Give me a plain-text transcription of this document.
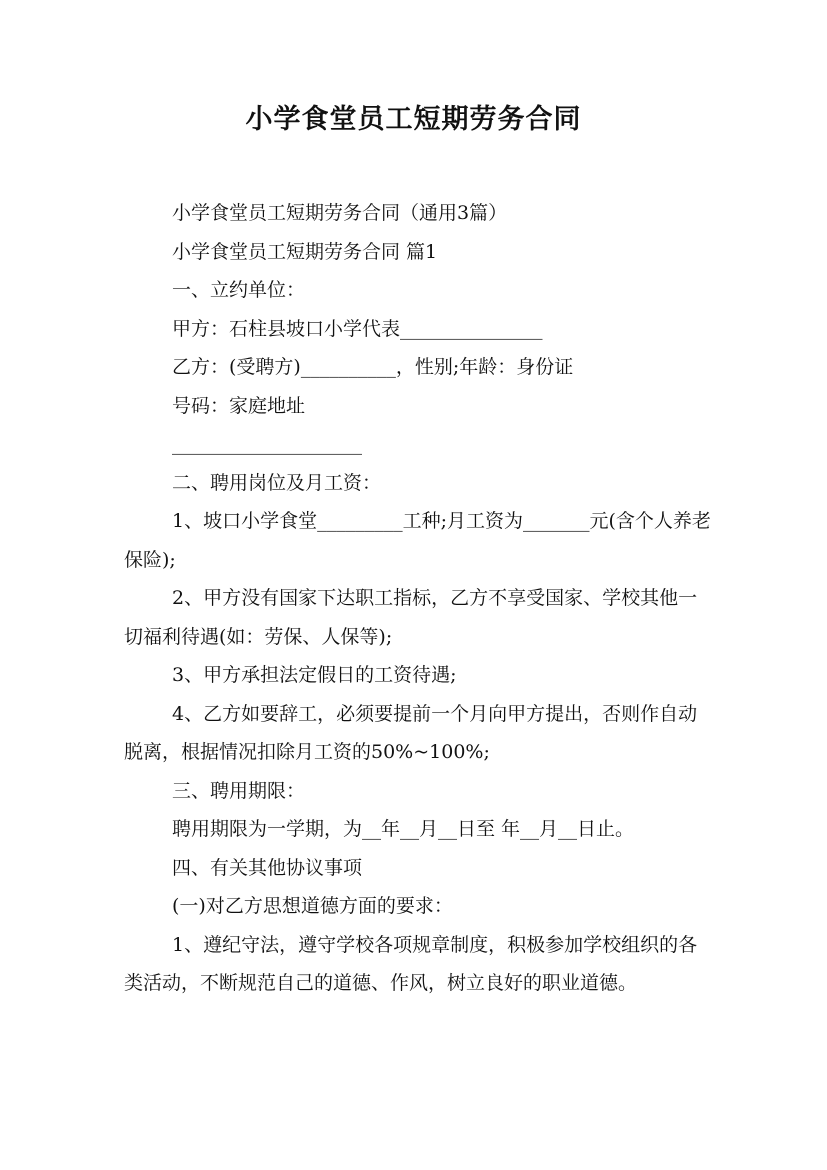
小学食堂员工短期劳务合同

小学食堂员工短期劳务合同（通用3篇）

小学食堂员工短期劳务合同 篇1

一、立约单位：

甲方：石柱县坡口小学代表_______________

乙方：(受聘方)__________，性别;年龄：身份证

号码：家庭地址

____________________

二、聘用岗位及月工资：

1、坡口小学食堂_________工种;月工资为_______元(含个人养老保险);

2、甲方没有国家下达职工指标，乙方不享受国家、学校其他一切福利待遇(如：劳保、人保等);

3、甲方承担法定假日的工资待遇;

4、乙方如要辞工，必须要提前一个月向甲方提出，否则作自动脱离，根据情况扣除月工资的50%~100%;

三、聘用期限：

聘用期限为一学期，为__年__月__日至 年__月__日止。

四、有关其他协议事项

(一)对乙方思想道德方面的要求：

1、遵纪守法，遵守学校各项规章制度，积极参加学校组织的各类活动，不断规范自己的道德、作风，树立良好的职业道德。
